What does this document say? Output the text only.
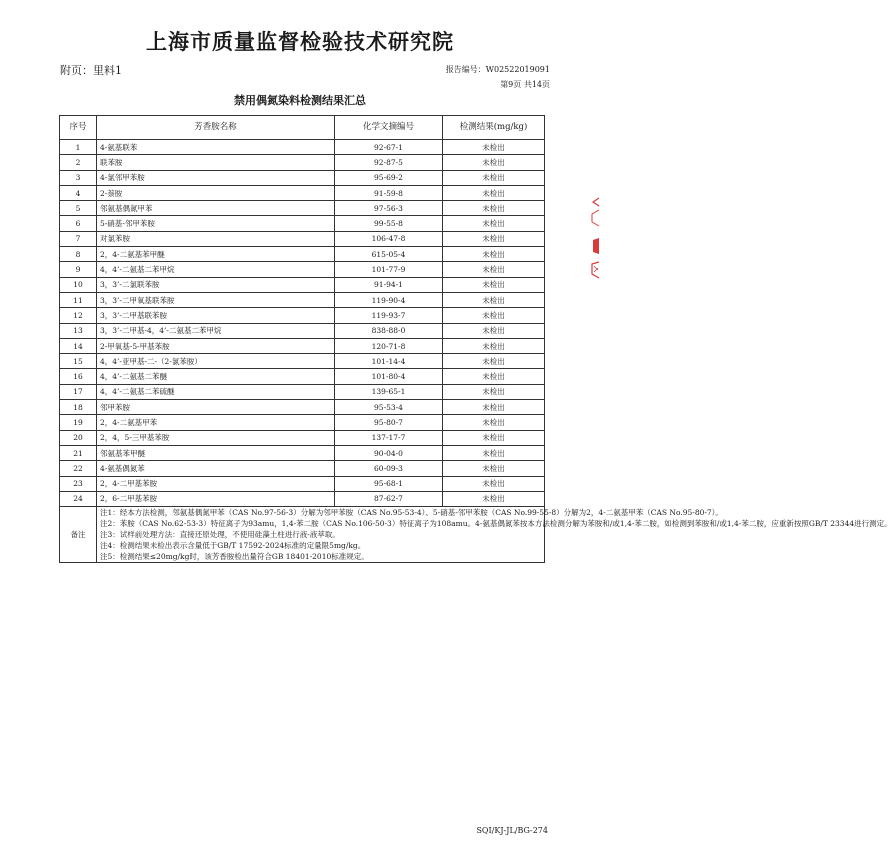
上海市质量监督检验技术研究院
附页：里料1	报告编号：W02522019091
第9页 共14页
禁用偶氮染料检测结果汇总
序号	芳香胺名称	化学文摘编号	检测结果(mg/kg)
1	4-氨基联苯	92-67-1	未检出
2	联苯胺	92-87-5	未检出
3	4-氯邻甲苯胺	95-69-2	未检出
4	2-萘胺	91-59-8	未检出
5	邻氨基偶氮甲苯	97-56-3	未检出
6	5-硝基-邻甲苯胺	99-55-8	未检出
7	对氯苯胺	106-47-8	未检出
8	2，4-二氨基苯甲醚	615-05-4	未检出
9	4，4’-二氨基二苯甲烷	101-77-9	未检出
10	3，3’-二氯联苯胺	91-94-1	未检出
11	3，3’-二甲氧基联苯胺	119-90-4	未检出
12	3，3’-二甲基联苯胺	119-93-7	未检出
13	3，3’-二甲基-4，4’-二氨基二苯甲烷	838-88-0	未检出
14	2-甲氧基-5-甲基苯胺	120-71-8	未检出
15	4，4’-亚甲基-二-（2-氯苯胺）	101-14-4	未检出
16	4，4’-二氨基二苯醚	101-80-4	未检出
17	4，4’-二氨基二苯硫醚	139-65-1	未检出
18	邻甲苯胺	95-53-4	未检出
19	2，4-二氨基甲苯	95-80-7	未检出
20	2，4，5-三甲基苯胺	137-17-7	未检出
21	邻氨基苯甲醚	90-04-0	未检出
22	4-氨基偶氮苯	60-09-3	未检出
23	2，4-二甲基苯胺	95-68-1	未检出
24	2，6-二甲基苯胺	87-62-7	未检出
备注	注1：经本方法检测，邻氨基偶氮甲苯（CAS No.97-56-3）分解为邻甲苯胺（CAS No.95-53-4）、5-硝基-邻甲苯胺（CAS No.99-55-8）分解为2，4-二氨基甲苯（CAS No.95-80-7）。
注2：苯胺（CAS No.62-53-3）特征离子为93amu，1,4-苯二胺（CAS No.106-50-3）特征离子为108amu。4-氨基偶氮苯按本方法检测分解为苯胺和/或1,4-苯二胺，如检测到苯胺和/或1,4-苯二胺，应重新按照GB/T 23344进行测定。
注3：试样前处理方法：直接还原处理，不使用硅藻土柱进行液-液萃取。
注4：检测结果未检出表示含量低于GB/T 17592-2024标准的定量限5mg/kg。
注5：检测结果≤20mg/kg时，该芳香胺检出量符合GB 18401-2010标准规定。		
SQI/KJ-JL/BG-274
